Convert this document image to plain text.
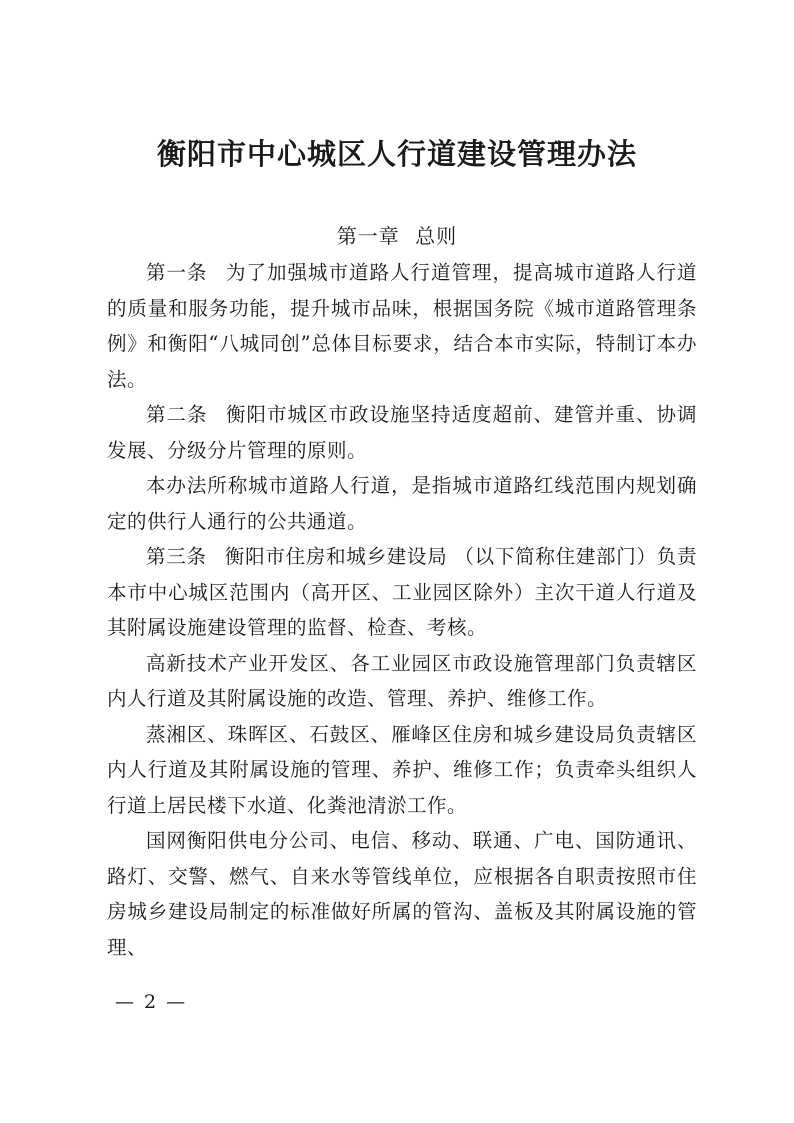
衡阳市中心城区人行道建设管理办法
第一章 总则

第一条 为了加强城市道路人行道管理，提高城市道路人行道的质量和服务功能，提升城市品味，根据国务院《城市道路管理条例》和衡阳“八城同创”总体目标要求，结合本市实际，特制订本办法。

第二条 衡阳市城区市政设施坚持适度超前、建管并重、协调发展、分级分片管理的原则。

本办法所称城市道路人行道，是指城市道路红线范围内规划确定的供行人通行的公共通道。

第三条 衡阳市住房和城乡建设局 （以下简称住建部门）负责本市中心城区范围内（高开区、工业园区除外）主次干道人行道及其附属设施建设管理的监督、检查、考核。

高新技术产业开发区、各工业园区市政设施管理部门负责辖区内人行道及其附属设施的改造、管理、养护、维修工作。

蒸湘区、珠晖区、石鼓区、雁峰区住房和城乡建设局负责辖区内人行道及其附属设施的管理、养护、维修工作；负责牵头组织人行道上居民楼下水道、化粪池清淤工作。

国网衡阳供电分公司、电信、移动、联通、广电、国防通讯、路灯、交警、燃气、自来水等管线单位，应根据各自职责按照市住房城乡建设局制定的标准做好所属的管沟、盖板及其附属设施的管理、

— 2 —
